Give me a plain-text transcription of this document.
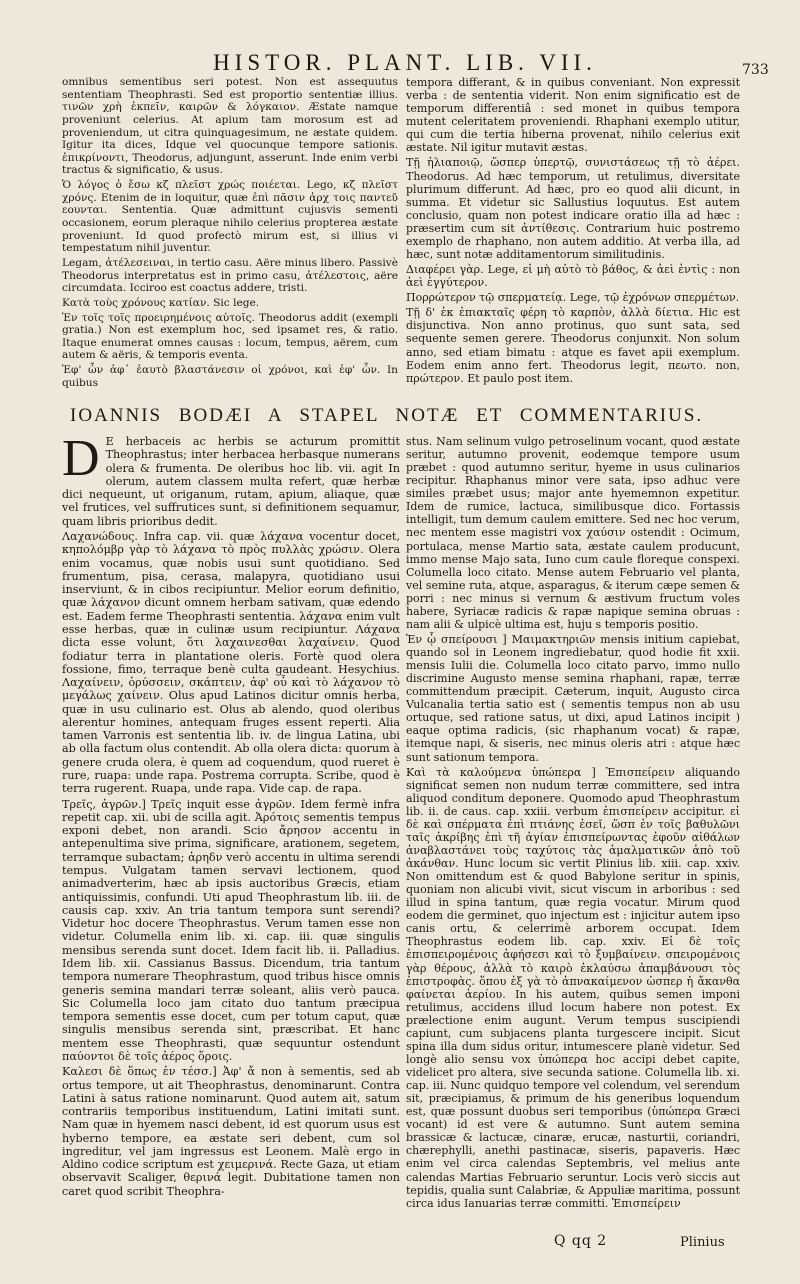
HISTOR. PLANT. LIB. VII.	733

omnibus sementibus seri potest. Non est assequutus sententiam Theophrasti. Sed est proportio sententiæ illius. τινῶν χρὴ ἐκπεῖν, καιρῶν & λόγκαιον. Æstate namque proveniunt celerius. At apium tam morosum est ad proveniendum, ut citra quinquagesimum, ne æstate quidem. Igitur ita dices, Idque vel quocunque tempore sationis. ἐπικρίνοντι, Theodorus, adjungunt, asserunt. Inde enim verbi tractus & significatio, & usus.

Ὁ λόγος ὁ ἔσω κζ πλεῖστ χρώς ποιέεται. Lego, κζ πλεῖστ χρόνς. Etenim de in loquitur, quæ ἐπὶ πᾶσιν ἀρχ τοις παντεῦ εουνται. Sententia. Quæ admittunt cujusvis sementi occasionem, eorum pleraque nihilo celerius propterea æstate proveniunt. Id quod profectò mirum est, si illius vi tempestatum nihil juventur.

Legam, ἀτέλεσειναι, in tertio casu. Aëre minus libero. Passivè Theodorus interpretatus est in primo casu, ἀτέλεστοις, aëre circumdata. Icciroo est coactus addere, tristi.

Κατὰ τοὺς χρόνους κατίαν. Sic lege.

Ἐν τοῖς τοῖς προειρημένοις αὐτοῖς. Theodorus addit (exempli gratia.) Non est exemplum hoc, sed ipsamet res, & ratio. Itaque enumerat omnes causas : locum, tempus, aërem, cum autem & aëris, & temporis eventa.

Ἐφ' ὧν ἀφ᾽ ἐαυτὸ βλαστάνεσιν οἱ χρόνοι, καὶ ἐφ' ὧν. In quibus

tempora differant, & in quibus conveniant. Non expressit verba : de sententia viderit. Non enim significatio est de temporum differentiâ : sed monet in quibus tempora mutent celeritatem proveniendi. Rhaphani exemplo utitur, qui cum die tertia hiberna provenat, nihilo celerius exit æstate. Nil igitur mutavit æstas.

Τῇ ἡλιαποιῷ, ὥσπερ ὑπερτῷ, συνιστάσεως τῇ τὸ ἀέρει. Theodorus. Ad hæc temporum, ut retulimus, diversitate plurimum differunt. Ad hæc, pro eo quod alii dicunt, in summa. Et videtur sic Sallustius loquutus. Est autem conclusio, quam non potest indicare oratio illa ad hæc : præsertim cum sit ἀντίθεσις. Contrarium huic postremo exemplo de rhaphano, non autem additio. At verba illa, ad hæc, sunt notæ additamentorum similitudinis.

Διαφέρει γὰρ. Lege, εἰ μὴ αὐτὸ τὸ βάθος, & ἀεὶ ἐντὶς : non ἀεὶ ἐγγύτερον.

Πορρώτερον τῷ σπερματείᾳ. Lege, τῷ ἐχρόνων σπερμέτων.

Τῇ δ' ἐκ ἐπιακταῖς φέρη τὸ καρπὸν, ἀλλὰ δίετια. Hic est disjunctiva. Non anno protinus, quo sunt sata, sed sequente semen gerere. Theodorus conjunxit. Non solum anno, sed etiam bimatu : atque es favet apii exemplum. Eodem enim anno fert. Theodorus legit, πεωτο. non, πρώτερον. Et paulo post item.

IOANNIS BODÆI A STAPEL NOTÆ ET COMMENTARIUS.

D E herbaceis ac herbis se acturum promittit Theophrastus; inter herbacea herbasque numerans olera & frumenta. De oleribus hoc lib. vii. agit In olerum, autem classem multa refert, quæ herbæ dici nequeunt, ut origanum, rutam, apium, aliaque, quæ vel frutices, vel suffrutices sunt, si definitionem sequamur, quam libris prioribus dedit.

Λαχανώδους. Infra cap. vii. quæ λάχανα vocentur docet, κηπολόμβρ γὰρ τὸ λάχανα τὸ πρὸς πυλλὰς χρώσιν. Olera enim vocamus, quæ nobis usui sunt quotidiano. Sed frumentum, pisa, cerasa, malapyra, quotidiano usui inserviunt, & in cibos recipiuntur. Melior eorum definitio, quæ λάχανον dicunt omnem herbam sativam, quæ edendo est. Eadem ferme Theophrasti sententia. λάχανα enim vult esse herbas, quæ in culinæ usum recipiuntur. Λάχανα dicta esse volunt, ὅτι λαχαινεσθαι λαχαίνειν. Quod fodiatur terra in plantatione oleris. Fortè quod olera fossione, fimo, terraque benè culta gaudeant. Hesychius. Λαχαίνειν, ὀρύσσειν, σκάπτειν, ἀφ' οὗ καὶ τὸ λάχανον τὸ μεγάλως χαίνειν. Olus apud Latinos dicitur omnis herba, quæ in usu culinario est. Olus ab alendo, quod oleribus alerentur homines, antequam fruges essent reperti. Alia tamen Varronis est sententia lib. iv. de lingua Latina, ubi ab olla factum olus contendit. Ab olla olera dicta: quorum à genere cruda olera, è quem ad coquendum, quod rueret è rure, ruapa: unde rapa. Postrema corrupta. Scribe, quod è terra rugerent. Ruapa, unde rapa. Vide cap. de rapa.

Τρεῖς, ἀγρῶν.] Τρεῖς inquit esse ἀγρῶν. Idem fermè infra repetit cap. xii. ubi de scilla agit. Ἀρότοις sementis tempus exponi debet, non arandi. Scio ἄρησον accentu in antepenultima sive prima, significare, arationem, segetem, terramque subactam; ἀρηδν verò accentu in ultima serendi tempus. Vulgatam tamen servavi lectionem, quod animadverterim, hæc ab ipsis auctoribus Græcis, etiam antiquissimis, confundi. Uti apud Theophrastum lib. iii. de causis cap. xxiv. An tria tantum tempora sunt serendi? Videtur hoc docere Theophrastus. Verum tamen esse non videtur. Columella enim lib. xi. cap. iii. quæ singulis mensibus serenda sunt docet. Idem facit lib. ii. Palladius. Idem lib. xii. Cassianus Bassus. Dicendum, tria tantum tempora numerare Theophrastum, quod tribus hisce omnis generis semina mandari terræ soleant, aliis verò pauca. Sic Columella loco jam citato duo tantum præcipua tempora sementis esse docet, cum per totum caput, quæ singulis mensibus serenda sint, præscribat. Et hanc mentem esse Theophrasti, quæ sequuntur ostendunt παύοντοι δὲ τοῖς ἀέρος ὅροις.

Καλεσι δὲ ὅπως ἐν τέσσ.] Ἀφ' ἄ non à sementis, sed ab ortus tempore, ut ait Theophrastus, denominarunt. Contra Latini à satus ratione nominarunt. Quod autem ait, satum contrariis temporibus instituendum, Latini imitati sunt. Nam quæ in hyemem nasci debent, id est quorum usus est hyberno tempore, ea æstate seri debent, cum sol ingreditur, vel jam ingressus est Leonem. Malè ergo in Aldino codice scriptum est χειμερινά. Recte Gaza, ut etiam observavit Scaliger, θερινά legit. Dubitatione tamen non caret quod scribit Theophra-

stus. Nam selinum vulgo petroselinum vocant, quod æstate seritur, autumno provenit, eodemque tempore usum præbet : quod autumno seritur, hyeme in usus culinarios recipitur. Rhaphanus minor vere sata, ipso adhuc vere similes præbet usus; major ante hyememnon expetitur. Idem de rumice, lactuca, similibusque dico. Fortassis intelligit, tum demum caulem emittere. Sed nec hoc verum, nec mentem esse magistri vox χαύσιν ostendit : Ocimum, portulaca, mense Martio sata, æstate caulem producunt, immo mense Majo sata, Iuno cum caule floreque conspexi. Columella loco citato. Mense autem Februario vel planta, vel semine ruta, atque, asparagus, & iterum cæpe semen & porri : nec minus si vernum & æstivum fructum voles habere, Syriacæ radicis & rapæ napique semina obruas : nam alii & ulpicè ultima est, huju s temporis positio.

Ἐν ᾧ σπείρουσι ] Μαιμακτηριῶν mensis initium capiebat, quando sol in Leonem ingrediebatur, quod hodie fit xxii. mensis Iulii die. Columella loco citato parvo, immo nullo discrimine Augusto mense semina rhaphani, rapæ, terræ committendum præcipit. Cæterum, inquit, Augusto circa Vulcanalia tertia satio est ( sementis tempus non ab usu ortuque, sed ratione satus, ut dixi, apud Latinos incipit ) eaque optima radicis, (sic rhaphanum vocat) & rapæ, itemque napi, & siseris, nec minus oleris atri : atque hæc sunt sationum tempora.

Καὶ τὰ καλούμενα ὑπώπερα ] Ἐπισπείρειν aliquando significat semen non nudum terræ committere, sed intra aliquod conditum deponere. Quomodo apud Theophrastum lib. ii. de caus. cap. xxiii. verbum ἐπισπείρειν accipitur. εἰ δὲ καὶ σπέρματα ἐπὶ πτιάνης ἐσεῖ, ὥσπ ἐν τοῖς βαθυλῶνι ταῖς ἀκρίβης ἐπὶ τῆ ἀγίαν ἐπισπείρωντας ἐφοῦν αἰθάλων ἀναβλαστάνει τοὺς ταχύτοις τὰς ἀμαλματικῶν ἀπὸ τοῦ ἀκάνθαν. Hunc locum sic vertit Plinius lib. xiii. cap. xxiv. Non omittendum est & quod Babylone seritur in spinis, quoniam non alicubi vivit, sicut viscum in arboribus : sed illud in spina tantum, quæ regia vocatur. Mirum quod eodem die germinet, quo injectum est : injicitur autem ipso canis ortu, & celerrimè arborem occupat. Idem Theophrastus eodem lib. cap. xxiv. Εἰ δὲ τοῖς ἐπισπειρομένοις ἀφήσεσι καὶ τὸ ξυμβαίνειν. σπειρομένοις γὰρ θέρους, ἀλλὰ τὸ καιρὸ ἐκλαύσω ἀπαμβάνουσι τὸς ἐπιστροφὰς. ὅπου ἐξ γὰ τὸ ἀπνακαίμενον ὡσπερ ἡ ἄκανθα φαίνεται ἀερίου. In his autem, quibus semen imponi retulimus, accidens illud locum habere non potest. Ex prælectione enim augunt. Verum tempus suscipiendi capiunt, cum subjacens planta turgescere incipit. Sicut spina illa dum sidus oritur, intumescere planè videtur. Sed longè alio sensu vox ὑπώπερα hoc accipi debet capite, videlicet pro altera, sive secunda satione. Columella lib. xi. cap. iii. Nunc quidquo tempore vel colendum, vel serendum sit, præcipiamus, & primum de his generibus loquendum est, quæ possunt duobus seri temporibus (ὑπώπερα Græci vocant) id est vere & autumno. Sunt autem semina brassicæ & lactucæ, cinaræ, erucæ, nasturtii, coriandri, chærephylli, anethi pastinacæ, siseris, papaveris. Hæc enim vel circa calendas Septembris, vel melius ante calendas Martias Februario seruntur. Locis verò siccis aut tepidis, qualia sunt Calabriæ, & Appuliæ maritima, possunt circa idus Ianuarias terræ committi. Ἐπισπείρειν

Q qq 2	Plinius
